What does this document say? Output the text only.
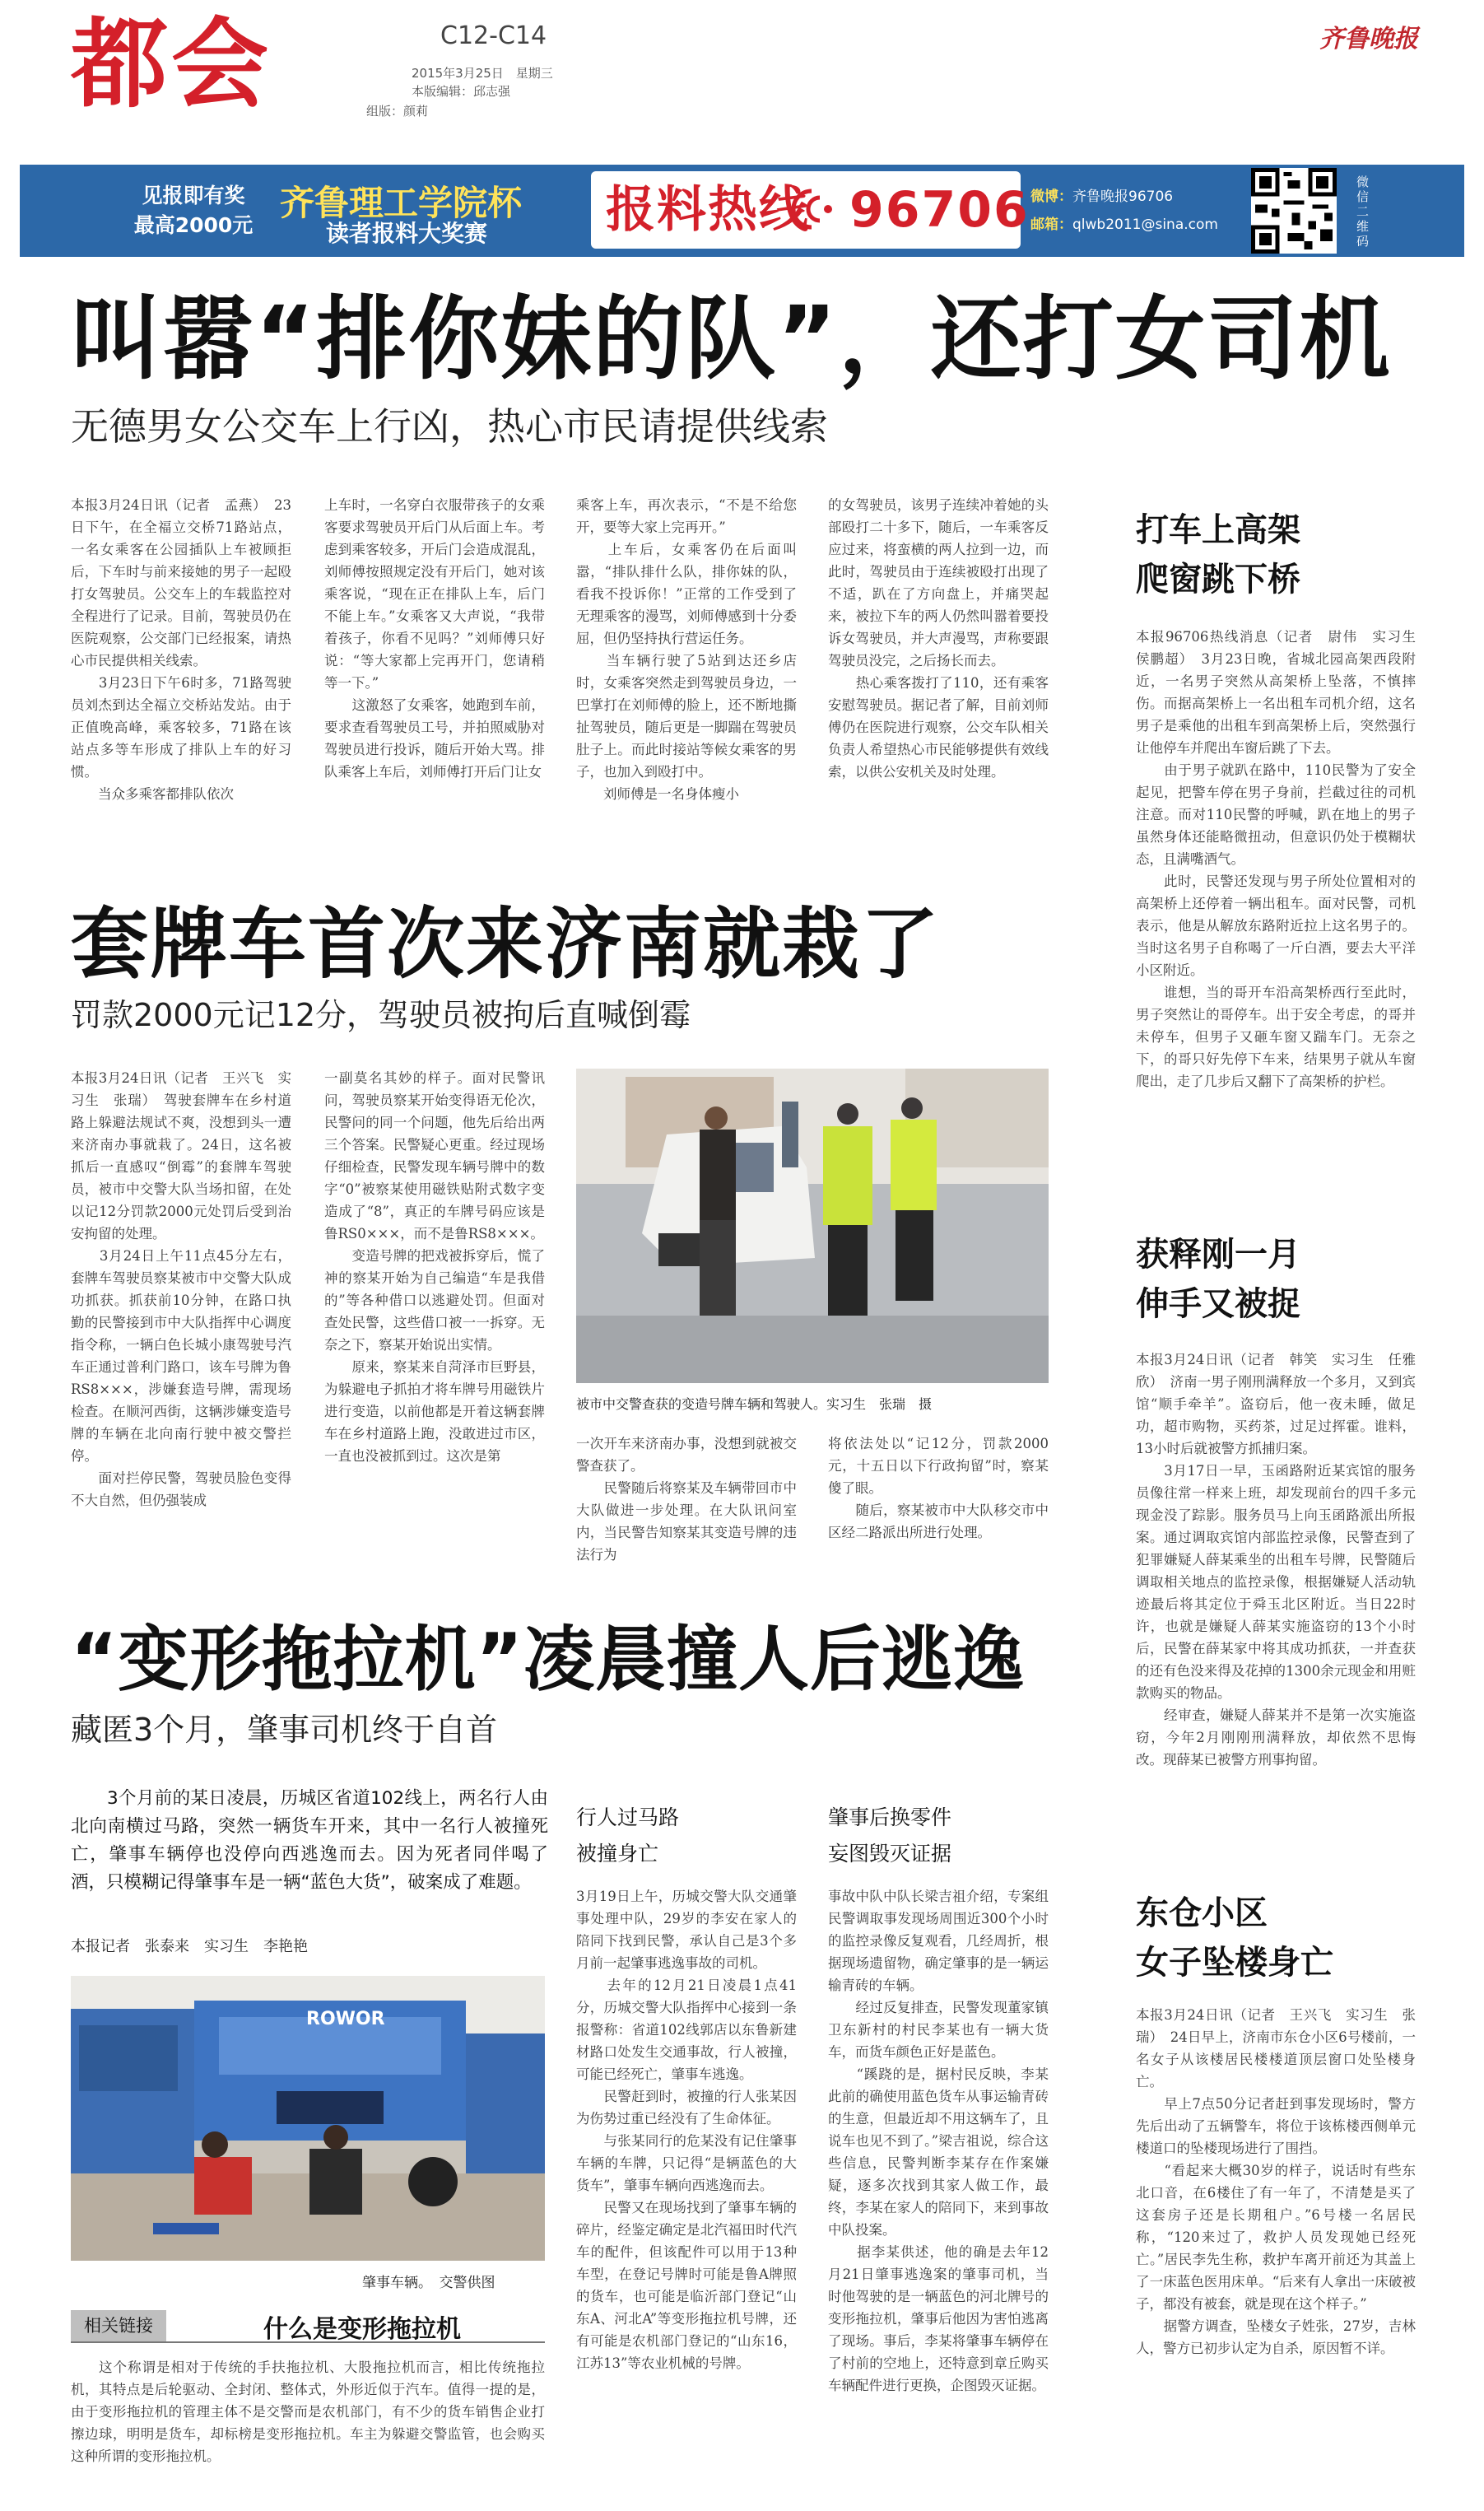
都会	C12-C14
2015年3月25日　星期三
本版编辑：邱志强
组版：颜莉
齐鲁晚报
见报即有奖
最高2000元
齐鲁理工学院杯
读者报料大奖赛 报料热线 96706 微博：齐鲁晚报96706
邮箱：qlwb2011@sina.com
微信二维码
叫嚣“排你妹的队”，还打女司机
无德男女公交车上行凶，热心市民请提供线索
本报3月24日讯（记者　孟燕）　23日下午，在全福立交桥71路站点，一名女乘客在公园插队上车被顾拒后，下车时与前来接她的男子一起殴打女驾驶员。公交车上的车载监控对全程进行了记录。目前，驾驶员仍在医院观察，公交部门已经报案，请热心市民提供相关线索。
　　3月23日下午6时多，71路驾驶员刘杰到达全福立交桥站发站。由于正值晚高峰，乘客较多，71路在该站点多等车形成了排队上车的好习惯。
　　当众多乘客都排队依次
上车时，一名穿白衣服带孩子的女乘客要求驾驶员开后门从后面上车。考虑到乘客较多，开后门会造成混乱，刘师傅按照规定没有开后门，她对该乘客说，“现在正在排队上车，后门不能上车。”女乘客又大声说，“我带着孩子，你看不见吗？”刘师傅只好说：“等大家都上完再开门，您请稍等一下。”
　　这激怒了女乘客，她跑到车前，要求查看驾驶员工号，并拍照威胁对驾驶员进行投诉，随后开始大骂。排队乘客上车后，刘师傅打开后门让女
乘客上车，再次表示，“不是不给您开，要等大家上完再开。”
　　上车后，女乘客仍在后面叫嚣，“排队排什么队，排你妹的队，看我不投诉你！”正常的工作受到了无理乘客的漫骂，刘师傅感到十分委屈，但仍坚持执行营运任务。
　　当车辆行驶了5站到达还乡店时，女乘客突然走到驾驶员身边，一巴掌打在刘师傅的脸上，还不断地撕扯驾驶员，随后更是一脚踹在驾驶员肚子上。而此时接站等候女乘客的男子，也加入到殴打中。
　　刘师傅是一名身体瘦小
的女驾驶员，该男子连续冲着她的头部殴打二十多下，随后，一车乘客反应过来，将蛮横的两人拉到一边，而此时，驾驶员由于连续被殴打出现了不适，趴在了方向盘上，并痛哭起来，被拉下车的两人仍然叫嚣着要投诉女驾驶员，并大声漫骂，声称要跟驾驶员没完，之后扬长而去。
　　热心乘客拨打了110，还有乘客安慰驾驶员。据记者了解，目前刘师傅仍在医院进行观察，公交车队相关负责人希望热心市民能够提供有效线索，以供公安机关及时处理。
打车上高架
爬窗跳下桥
本报96706热线消息（记者　尉伟　实习生　侯鹏超）　3月23日晚，省城北园高架西段附近，一名男子突然从高架桥上坠落，不慎摔伤。而据高架桥上一名出租车司机介绍，这名男子是乘他的出租车到高架桥上后，突然强行让他停车并爬出车窗后跳了下去。
　　由于男子就趴在路中，110民警为了安全起见，把警车停在男子身前，拦截过往的司机注意。而对110民警的呼喊，趴在地上的男子虽然身体还能略微扭动，但意识仍处于模糊状态，且满嘴酒气。
　　此时，民警还发现与男子所处位置相对的高架桥上还停着一辆出租车。面对民警，司机表示，他是从解放东路附近拉上这名男子的。当时这名男子自称喝了一斤白酒，要去大平洋小区附近。
　　谁想，当的哥开车沿高架桥西行至此时，男子突然让的哥停车。出于安全考虑，的哥并未停车，但男子又砸车窗又踹车门。无奈之下，的哥只好先停下车来，结果男子就从车窗爬出，走了几步后又翻下了高架桥的护栏。
获释刚一月
伸手又被捉
本报3月24日讯（记者　韩笑　实习生　任雅欣）　济南一男子刚刑满释放一个多月，又到宾馆“顺手牵羊”。盗窃后，他一夜未睡，做足功，超市购物，买药茶，过足过挥霍。谁料，13小时后就被警方抓捕归案。
　　3月17日一早，玉函路附近某宾馆的服务员像往常一样来上班，却发现前台的四千多元现金没了踪影。服务员马上向玉函路派出所报案。通过调取宾馆内部监控录像，民警查到了犯罪嫌疑人薛某乘坐的出租车号牌，民警随后调取相关地点的监控录像，根据嫌疑人活动轨迹最后将其定位于舜玉北区附近。当日22时许，也就是嫌疑人薛某实施盗窃的13个小时后，民警在薛某家中将其成功抓获，一并查获的还有色没来得及花掉的1300余元现金和用赃款购买的物品。
　　经审查，嫌疑人薛某并不是第一次实施盗窃，今年2月刚刚刑满释放，却依然不思悔改。现薛某已被警方刑事拘留。
东仓小区
女子坠楼身亡
本报3月24日讯（记者　王兴飞　实习生　张瑞）　24日早上，济南市东仓小区6号楼前，一名女子从该楼居民楼楼道顶层窗口处坠楼身亡。
　　早上7点50分记者赶到事发现场时，警方先后出动了五辆警车，将位于该栋楼西侧单元楼道口的坠楼现场进行了围挡。
　　“看起来大概30岁的样子，说话时有些东北口音，在6楼住了有一年了，不清楚是买了这套房子还是长期租户。”6号楼一名居民称，“120来过了，救护人员发现她已经死亡。”居民李先生称，救护车离开前还为其盖上了一床蓝色医用床单。“后来有人拿出一床破被子，都没有被套，就是现在这个样子。”
　　据警方调查，坠楼女子姓张，27岁，吉林人，警方已初步认定为自杀，原因暂不详。
套牌车首次来济南就栽了
罚款2000元记12分，驾驶员被拘后直喊倒霉
本报3月24日讯（记者　王兴飞　实习生　张瑞）　驾驶套牌车在乡村道路上躲避法规试不爽，没想到头一遭来济南办事就栽了。24日，这名被抓后一直感叹“倒霉”的套牌车驾驶员，被市中交警大队当场扣留，在处以记12分罚款2000元处罚后受到治安拘留的处理。
　　3月24日上午11点45分左右，套牌车驾驶员察某被市中交警大队成功抓获。抓获前10分钟，在路口执勤的民警接到市中大队指挥中心调度指令称，一辆白色长城小康驾驶号汽车正通过普利门路口，该车号牌为鲁RS8×××，涉嫌套造号牌，需现场检查。在顺河西街，这辆涉嫌变造号牌的车辆在北向南行驶中被交警拦停。
　　面对拦停民警，驾驶员脸色变得不大自然，但仍强装成
一副莫名其妙的样子。面对民警讯问，驾驶员察某开始变得语无伦次，民警问的同一个问题，他先后给出两三个答案。民警疑心更重。经过现场仔细检查，民警发现车辆号牌中的数字“0”被察某使用磁铁贴附式数字变造成了“8”，真正的车牌号码应该是鲁RS0×××，而不是鲁RS8×××。
　　变造号牌的把戏被拆穿后，慌了神的察某开始为自己编造“车是我借的”等各种借口以逃避处罚。但面对查处民警，这些借口被一一拆穿。无奈之下，察某开始说出实情。
　　原来，察某来自菏泽市巨野县，为躲避电子抓拍才将车牌号用磁铁片进行变造，以前他都是开着这辆套牌车在乡村道路上跑，没敢进过市区，一直也没被抓到过。这次是第
被市中交警查获的变造号牌车辆和驾驶人。实习生　张瑞　摄
一次开车来济南办事，没想到就被交警查获了。
　　民警随后将察某及车辆带回市中大队做进一步处理。在大队讯问室内，当民警告知察某其变造号牌的违法行为
将依法处以“记12分，罚款2000元，十五日以下行政拘留”时，察某傻了眼。
　　随后，察某被市中大队移交市中区经二路派出所进行处理。
“变形拖拉机”凌晨撞人后逃逸
藏匿3个月，肇事司机终于自首
3个月前的某日凌晨，历城区省道102线上，两名行人由北向南横过马路，突然一辆货车开来，其中一名行人被撞死亡，肇事车辆停也没停向西逃逸而去。因为死者同伴喝了酒，只模糊记得肇事车是一辆“蓝色大货”，破案成了难题。
本报记者　张泰来　实习生　李艳艳
ROWOR
肇事车辆。　交警供图
行人过马路
被撞身亡
3月19日上午，历城交警大队交通肇事处理中队，29岁的李安在家人的陪同下找到民警，承认自己是3个多月前一起肇事逃逸事故的司机。
　　去年的12月21日凌晨1点41分，历城交警大队指挥中心接到一条报警称：省道102线郭店以东鲁新建材路口处发生交通事故，行人被撞，可能已经死亡，肇事车逃逸。
　　民警赶到时，被撞的行人张某因为伤势过重已经没有了生命体征。
　　与张某同行的危某没有记住肇事车辆的车牌，只记得“是辆蓝色的大货车”，肇事车辆向西逃逸而去。
　　民警又在现场找到了肇事车辆的碎片，经鉴定确定是北汽福田时代汽车的配件，但该配件可以用于13种车型，在登记号牌时可能是鲁A牌照的货车，也可能是临沂部门登记“山东A、河北A”等变形拖拉机号牌，还有可能是农机部门登记的“山东16，江苏13”等农业机械的号牌。
肇事后换零件
妄图毁灭证据
事故中队中队长梁吉祖介绍，专案组民警调取事发现场周围近300个小时的监控录像反复观看，几经周折，根据现场遗留物，确定肇事的是一辆运输青砖的车辆。
　　经过反复排查，民警发现董家镇卫东新村的村民李某也有一辆大货车，而货车颜色正好是蓝色。
　　“蹊跷的是，据村民反映，李某此前的确使用蓝色货车从事运输青砖的生意，但最近却不用这辆车了，且说车也见不到了。”梁吉祖说，综合这些信息，民警判断李某存在作案嫌疑，逐多次找到其家人做工作，最终，李某在家人的陪同下，来到事故中队投案。
　　据李某供述，他的确是去年12月21日肇事逃逸案的肇事司机，当时他驾驶的是一辆蓝色的河北牌号的变形拖拉机，肇事后他因为害怕逃离了现场。事后，李某将肇事车辆停在了村前的空地上，还特意到章丘购买车辆配件进行更换，企图毁灭证据。
相关链接	什么是变形拖拉机
这个称谓是相对于传统的手扶拖拉机、大股拖拉机而言，相比传统拖拉机，其特点是后轮驱动、全封闭、整体式，外形近似于汽车。值得一提的是，由于变形拖拉机的管理主体不是交警而是农机部门，有不少的货车销售企业打擦边球，明明是货车，却标榜是变形拖拉机。车主为躲避交警监管，也会购买这种所谓的变形拖拉机。
